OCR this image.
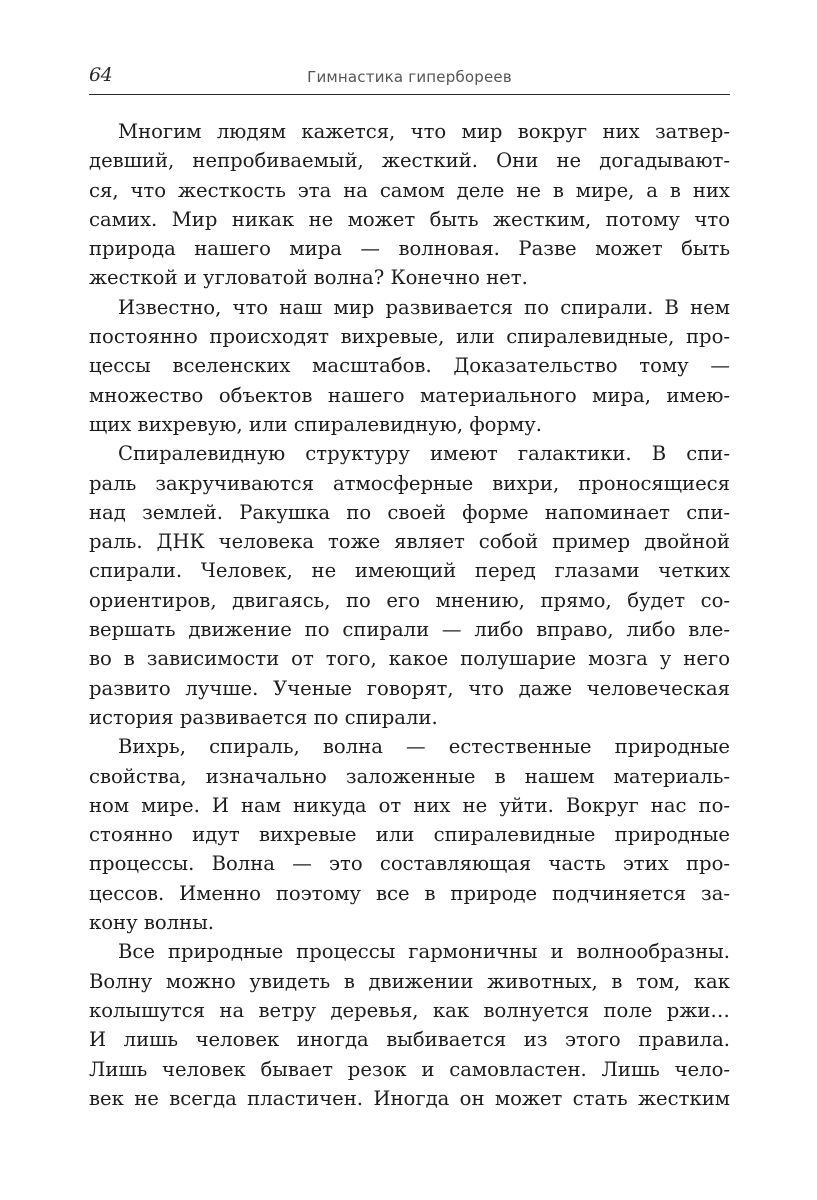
64	Гимнастика гипербореев
Многим людям кажется, что мир вокруг них затвер-
девший, непробиваемый, жесткий. Они не догадывают-
ся, что жесткость эта на самом деле не в мире, а в них
самих. Мир никак не может быть жестким, потому что
природа нашего мира — волновая. Разве может быть
жесткой и угловатой волна? Конечно нет.
Известно, что наш мир развивается по спирали. В нем
постоянно происходят вихревые, или спиралевидные, про-
цессы вселенских масштабов. Доказательство тому —
множество объектов нашего материального мира, имею-
щих вихревую, или спиралевидную, форму.
Спиралевидную структуру имеют галактики. В спи-
раль закручиваются атмосферные вихри, проносящиеся
над землей. Ракушка по своей форме напоминает спи-
раль. ДНК человека тоже являет собой пример двойной
спирали. Человек, не имеющий перед глазами четких
ориентиров, двигаясь, по его мнению, прямо, будет со-
вершать движение по спирали — либо вправо, либо вле-
во в зависимости от того, какое полушарие мозга у него
развито лучше. Ученые говорят, что даже человеческая
история развивается по спирали.
Вихрь, спираль, волна — естественные природные
свойства, изначально заложенные в нашем материаль-
ном мире. И нам никуда от них не уйти. Вокруг нас по-
стоянно идут вихревые или спиралевидные природные
процессы. Волна — это составляющая часть этих про-
цессов. Именно поэтому все в природе подчиняется за-
кону волны.
Все природные процессы гармоничны и волнообразны.
Волну можно увидеть в движении животных, в том, как
колышутся на ветру деревья, как волнуется поле ржи…
И лишь человек иногда выбивается из этого правила.
Лишь человек бывает резок и самовластен. Лишь чело-
век не всегда пластичен. Иногда он может стать жестким
